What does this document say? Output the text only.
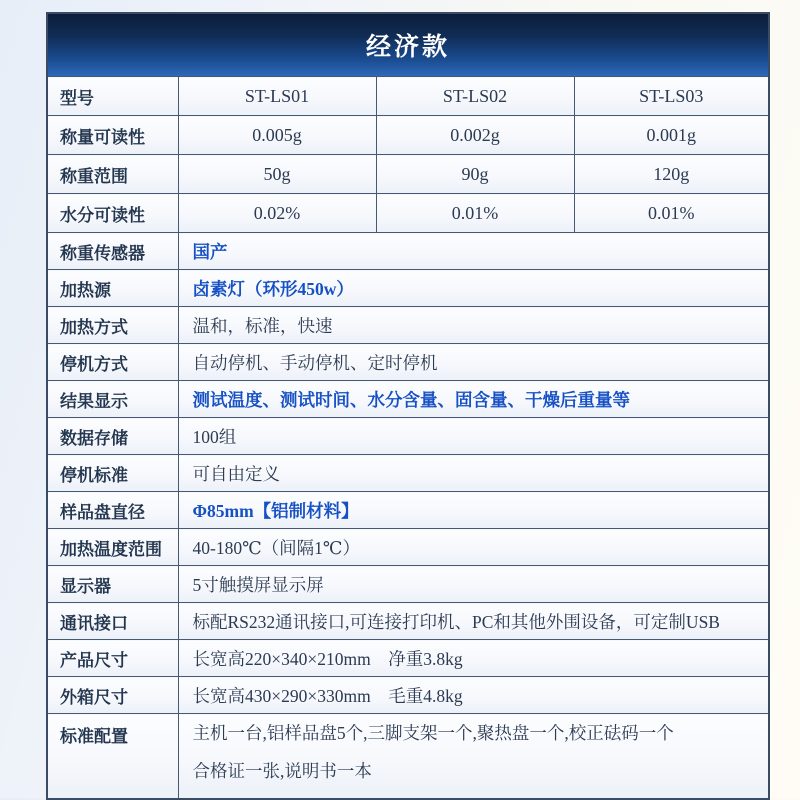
经济款			
型号	ST-LS01	ST-LS02	ST-LS03
称量可读性	0.005g	0.002g	0.001g
称重范围	50g	90g	120g
水分可读性	0.02%	0.01%	0.01%
称重传感器	国产		
加热源	卤素灯（环形450w）		
加热方式	温和，标准，快速		
停机方式	自动停机、手动停机、定时停机		
结果显示	测试温度、测试时间、水分含量、固含量、干燥后重量等		
数据存储	100组		
停机标准	可自由定义		
样品盘直径	Φ85mm【铝制材料】		
加热温度范围	40-180℃（间隔1℃）		
显示器	5寸触摸屏显示屏		
通讯接口	标配RS232通讯接口,可连接打印机、PC和其他外围设备，可定制USB		
产品尺寸	长宽高220×340×210mm　净重3.8kg		
外箱尺寸	长宽高430×290×330mm　毛重4.8kg		
标准配置	主机一台,铝样品盘5个,三脚支架一个,聚热盘一个,校正砝码一个
合格证一张,说明书一本		
